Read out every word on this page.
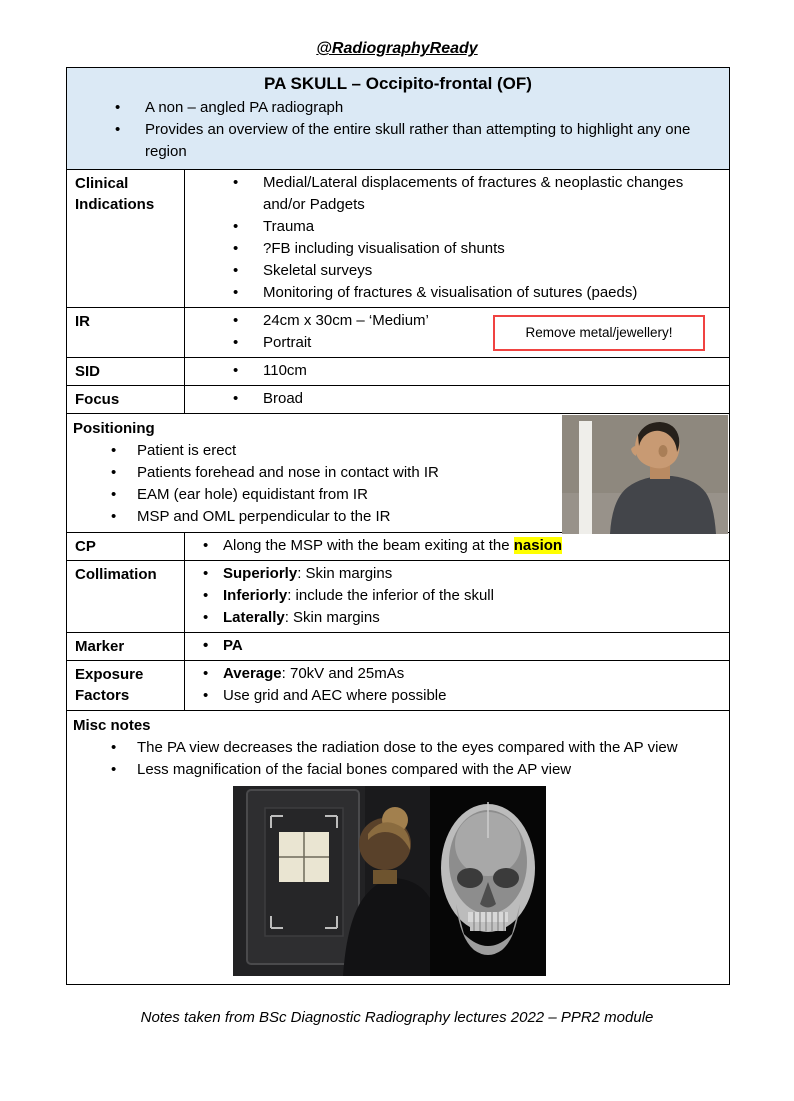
@RadiographyReady
PA SKULL – Occipito-frontal (OF)
• A non – angled PA radiograph
• Provides an overview of the entire skull rather than attempting to highlight any one region

Clinical Indications	
• Medial/Lateral displacements of fractures & neoplastic changes and/or Padgets
• Trauma
• ?FB including visualisation of shunts
• Skeletal surveys
• Monitoring of fractures & visualisation of sutures (paeds)

IR	
•24cm x 30cm – ‘Medium’
• Portrait
Remove metal/jewellery!

SID	
•110cm

Focus	
•Broad

Positioning
• Patient is erect
• Patients forehead and nose in contact with IR
• EAM (ear hole) equidistant from IR
• MSP and OML perpendicular to the IR

CP	
•Along the MSP with the beam exiting at the nasion

Collimation	
•Superiorly: Skin margins
• Inferiorly: include the inferior of the skull
• Laterally: Skin margins

Marker	
•PA

Exposure Factors	
• Average: 70kV and 25mAs
• Use grid and AEC where possible

Misc notes
• The PA view decreases the radiation dose to the eyes compared with the AP view
• Less magnification of the facial bones compared with the AP view
Notes taken from BSc Diagnostic Radiography lectures 2022 – PPR2 module
